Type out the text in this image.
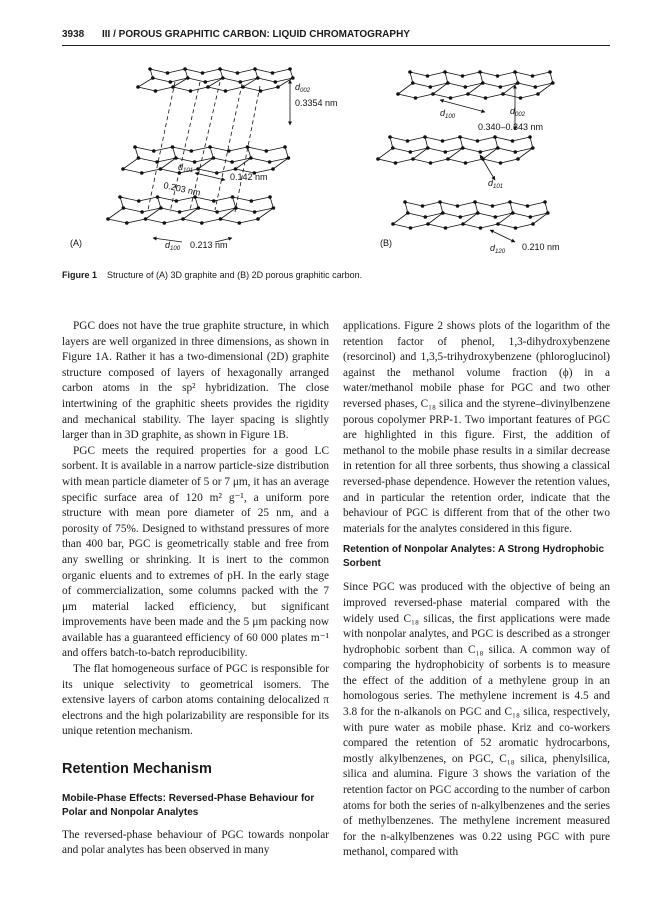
3938 III / POROUS GRAPHITIC CARBON: LIQUID CHROMATOGRAPHY
$d_{002}$
0.3354 nm
$d_{101}$
0.142 nm
0.203 nm
(A)	$d_{100}$ 0.213 nm
$d_{100}$
$d_{002}$
0.340–0.343 nm
$d_{101}$
(B)	$d_{120}$ 0.210 nm
Figure 1 Structure of (A) 3D graphite and (B) 2D porous graphitic carbon.

PGC does not have the true graphite structure, in which layers are well organized in three dimensions, as shown in Figure 1A. Rather it has a two-dimensional (2D) graphite structure composed of layers of hexagonally arranged carbon atoms in the sp² hybridization. The close intertwining of the graphitic sheets provides the rigidity and mechanical stability. The layer spacing is slightly larger than in 3D graphite, as shown in Figure 1B.

PGC meets the required properties for a good LC sorbent. It is available in a narrow particle-size distribution with mean particle diameter of 5 or 7 μm, it has an average specific surface area of 120 m² g⁻¹, a uniform pore structure with mean pore diameter of 25 nm, and a porosity of 75%. Designed to withstand pressures of more than 400 bar, PGC is geometrically stable and free from any swelling or shrinking. It is inert to the common organic eluents and to extremes of pH. In the early stage of commercialization, some columns packed with the 7 μm material lacked efficiency, but significant improvements have been made and the 5 μm packing now available has a guaranteed efficiency of 60 000 plates m⁻¹ and offers batch-to-batch reproducibility.

The flat homogeneous surface of PGC is responsible for its unique selectivity to geometrical isomers. The extensive layers of carbon atoms containing delocalized π electrons and the high polarizability are responsible for its unique retention mechanism.

Retention Mechanism
Mobile-Phase Effects: Reversed-Phase Behaviour for Polar and Nonpolar Analytes

The reversed-phase behaviour of PGC towards nonpolar and polar analytes has been observed in many

applications. Figure 2 shows plots of the logarithm of the retention factor of phenol, 1,3-dihydroxybenzene (resorcinol) and 1,3,5-trihydroxybenzene (phloroglucinol) against the methanol volume fraction (ϕ) in a water/methanol mobile phase for PGC and two other reversed phases, C₁₈ silica and the styrene–divinylbenzene porous copolymer PRP-1. Two important features of PGC are highlighted in this figure. First, the addition of methanol to the mobile phase results in a similar decrease in retention for all three sorbents, thus showing a classical reversed-phase dependence. However the retention values, and in particular the retention order, indicate that the behaviour of PGC is different from that of the other two materials for the analytes considered in this figure.

Retention of Nonpolar Analytes: A Strong Hydrophobic Sorbent

Since PGC was produced with the objective of being an improved reversed-phase material compared with the widely used C₁₈ silicas, the first applications were made with nonpolar analytes, and PGC is described as a stronger hydrophobic sorbent than C₁₈ silica. A common way of comparing the hydrophobicity of sorbents is to measure the effect of the addition of a methylene group in an homologous series. The methylene increment is 4.5 and 3.8 for the n-alkanols on PGC and C₁₈ silica, respectively, with pure water as mobile phase. Kriz and co-workers compared the retention of 52 aromatic hydrocarbons, mostly alkylbenzenes, on PGC, C₁₈ silica, phenylsilica, silica and alumina. Figure 3 shows the variation of the retention factor on PGC according to the number of carbon atoms for both the series of n-alkylbenzenes and the series of methylbenzenes. The methylene increment measured for the n-alkylbenzenes was 0.22 using PGC with pure methanol, compared with
